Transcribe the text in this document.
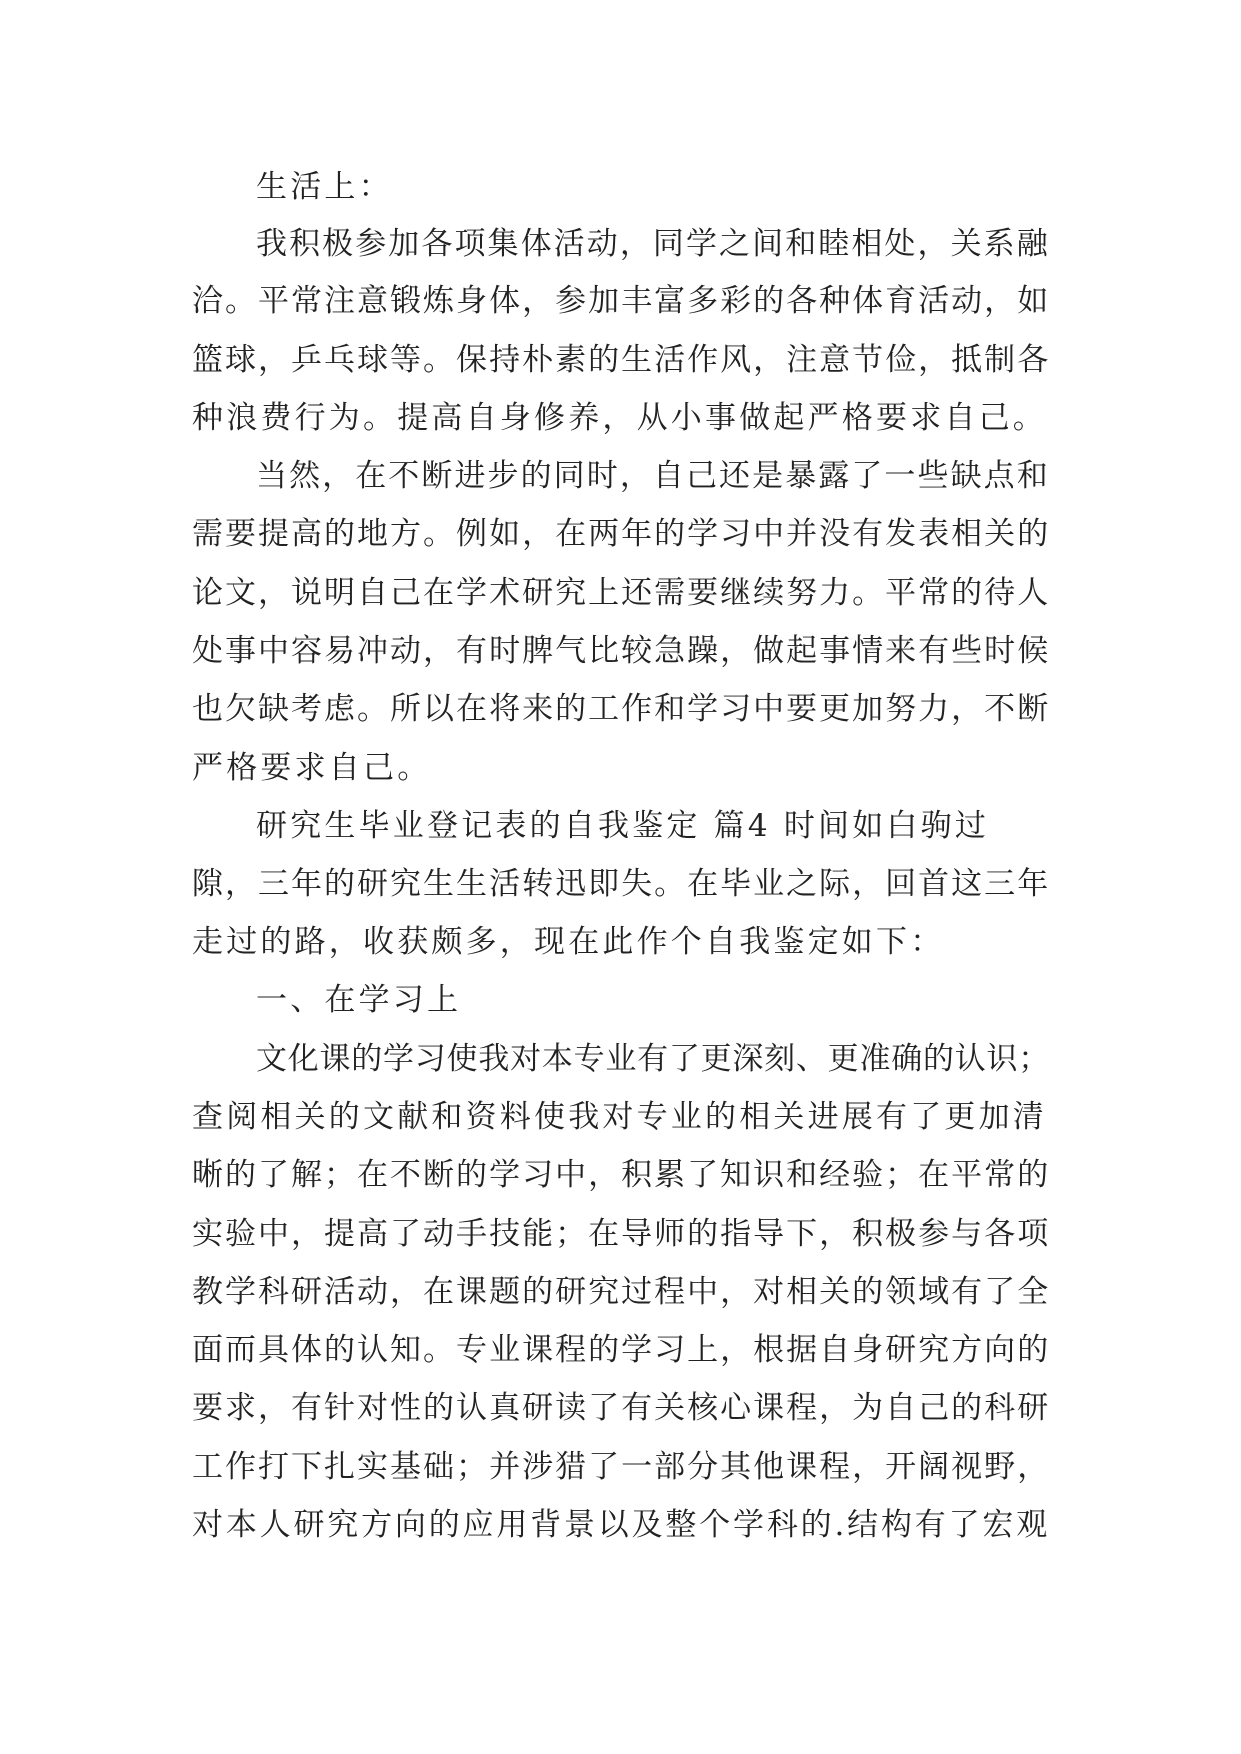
生活上：
我积极参加各项集体活动，同学之间和睦相处，关系融
洽。平常注意锻炼身体，参加丰富多彩的各种体育活动，如
篮球，乒乓球等。保持朴素的生活作风，注意节俭，抵制各
种浪费行为。提高自身修养，从小事做起严格要求自己。
当然，在不断进步的同时，自己还是暴露了一些缺点和
需要提高的地方。例如，在两年的学习中并没有发表相关的
论文，说明自己在学术研究上还需要继续努力。平常的待人
处事中容易冲动，有时脾气比较急躁，做起事情来有些时候
也欠缺考虑。所以在将来的工作和学习中要更加努力，不断
严格要求自己。
研究生毕业登记表的自我鉴定 篇4 时间如白驹过
隙，三年的研究生生活转迅即失。在毕业之际，回首这三年
走过的路，收获颇多，现在此作个自我鉴定如下：
一、在学习上
文化课的学习使我对本专业有了更深刻、更准确的认识；
查阅相关的文献和资料使我对专业的相关进展有了更加清
晰的了解；在不断的学习中，积累了知识和经验；在平常的
实验中，提高了动手技能；在导师的指导下，积极参与各项
教学科研活动，在课题的研究过程中，对相关的领域有了全
面而具体的认知。专业课程的学习上，根据自身研究方向的
要求，有针对性的认真研读了有关核心课程，为自己的科研
工作打下扎实基础；并涉猎了一部分其他课程，开阔视野，
对本人研究方向的应用背景以及整个学科的.结构有了宏观
